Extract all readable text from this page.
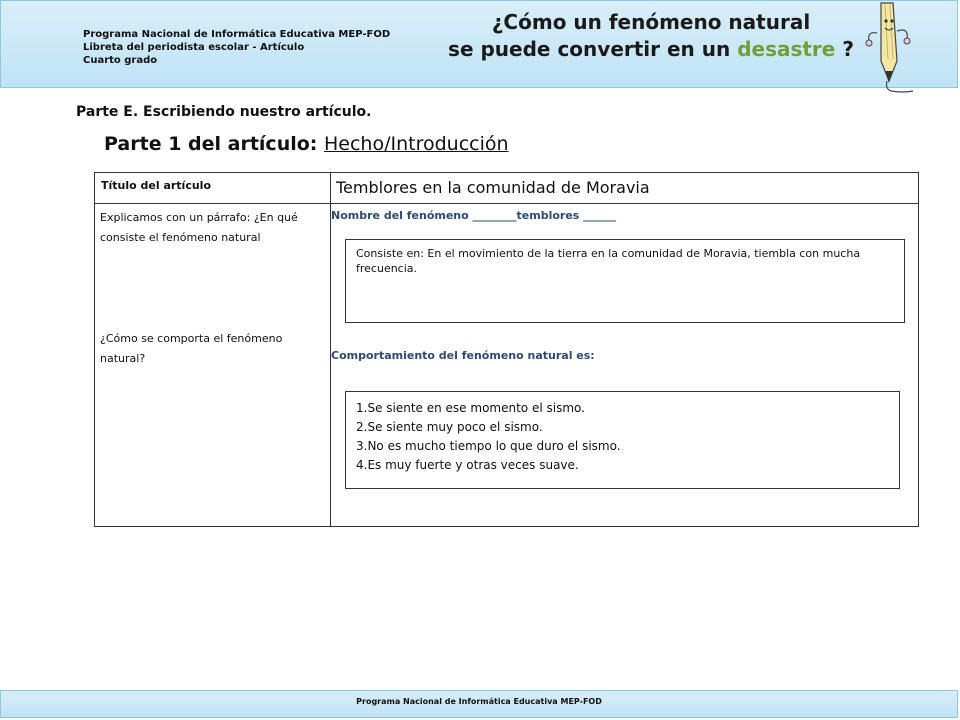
Programa Nacional de Informática Educativa MEP-FOD
Libreta del periodista escolar - Artículo
Cuarto grado
¿Cómo un fenómeno natural
se puede convertir en un desastre ?
Parte E. Escribiendo nuestro artículo.
Parte 1 del artículo: Hecho/Introducción
Título del artículo	Temblores en la comunidad de Moravia
Explicamos con un párrafo: ¿En qué consiste el fenómeno natural
¿Cómo se comporta el fenómeno natural?
Nombre del fenómeno ________temblores ______
Consiste en: En el movimiento de la tierra en la comunidad de Moravia, tiembla con mucha frecuencia.
Comportamiento del fenómeno natural es:
1.Se siente en ese momento el sismo.
2.Se siente muy poco el sismo.
3.No es mucho tiempo lo que duro el sismo.
4.Es muy fuerte y otras veces suave.
Programa Nacional de Informática Educativa MEP-FOD
